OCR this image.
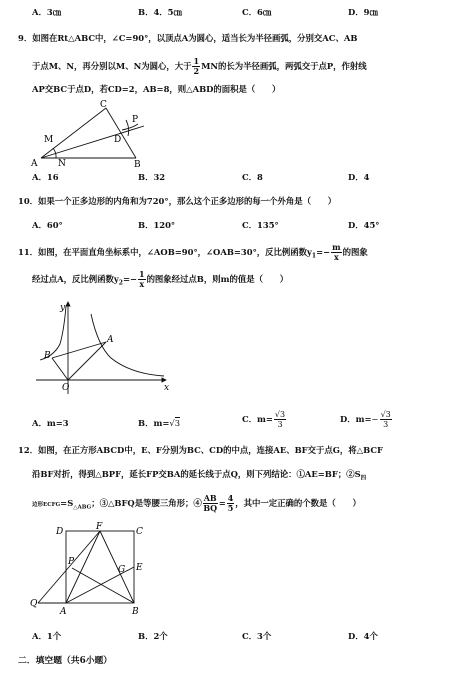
A．3㎝	B．4．5㎝	C．6㎝	D．9㎝
9．如图在Rt△ABC中，∠C=90°，以顶点A为圆心，适当长为半径画弧，分别交AC、AB
于点M、N，再分别以M、N为圆心，大于 $\frac{1}{2}$ MN的长为半径画弧，两弧交于点P，作射线
AP交BC于点D，若CD=2，AB=8，则△ABD的面积是（　　）
C
M
P
D
A N	B
A．16	B．32	C．8	D．4
10．如果一个正多边形的内角和为720°，那么这个正多边形的每一个外角是（　　）
A．60°	B．120°	C．135°	D．45°
11．如图，在平面直角坐标系中，∠AOB=90°，∠OAB=30°，反比例函数$y_1=- \frac{m}{x}$ 的图象
经过点A，反比例函数$y_2=- \frac{1}{x}$ 的图象经过点B，则m的值是（　　）
y
x
O
A
B
A．m=3	B．m=√3	C．$m= \frac{√3}{3}$	D．$m=- \frac{√3}{3}$
12．如图，在正方形ABCD中，E、F分别为BC、CD的中点，连接AE、BF交于点G，将△BCF
沿BF对折，得到△BPF，延长FP交BA的延长线于点Q，则下列结论：①AE=BF；$②S_四$
边形$ECFG=S_{\triangle ABG}$；③△BFQ是等腰三角形；④ $\frac{AB}{BQ} = \frac{4}{5}$ ，其中一定正确的个数是（　　）
D	F	C
P
G E
Q
A	B
A．1个	B．2个	C．3个	D．4个
二．填空题（共6小题）
